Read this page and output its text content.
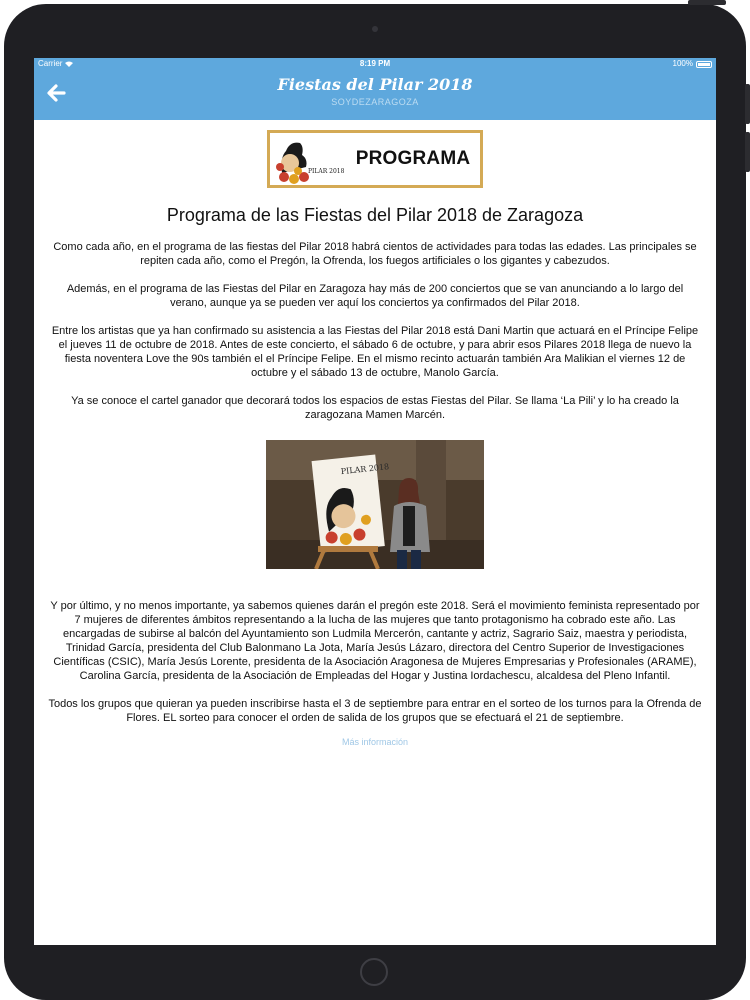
Carrier	8:19 PM	100%
Fiestas del Pilar 2018
SOYDEZARAGOZA
PILAR 2018
PROGRAMA
Programa de las Fiestas del Pilar 2018 de Zaragoza

Como cada año, en el programa de las fiestas del Pilar 2018 habrá cientos de actividades para todas las edades. Las principales se repiten cada año, como el Pregón, la Ofrenda, los fuegos artificiales o los gigantes y cabezudos.

Además, en el programa de las Fiestas del Pilar en Zaragoza hay más de 200 conciertos que se van anunciando a lo largo del verano, aunque ya se pueden ver aquí los conciertos ya confirmados del Pilar 2018.

Entre los artistas que ya han confirmado su asistencia a las Fiestas del Pilar 2018 está Dani Martin que actuará en el Príncipe Felipe el jueves 11 de octubre de 2018. Antes de este concierto, el sábado 6 de octubre, y para abrir esos Pilares 2018 llega de nuevo la fiesta noventera Love the 90s también el el Príncipe Felipe. En el mismo recinto actuarán también Ara Malikian el viernes 12 de octubre y el sábado 13 de octubre, Manolo García.

Ya se conoce el cartel ganador que decorará todos los espacios de estas Fiestas del Pilar. Se llama ‘La Pili’ y lo ha creado la zaragozana Mamen Marcén.

PILAR 2018

Y por último, y no menos importante, ya sabemos quienes darán el pregón este 2018. Será el movimiento feminista representado por 7 mujeres de diferentes ámbitos representando a la lucha de las mujeres que tanto protagonismo ha cobrado este año. Las encargadas de subirse al balcón del Ayuntamiento son Ludmila Mercerón, cantante y actriz, Sagrario Saiz, maestra y periodista, Trinidad García, presidenta del Club Balonmano La Jota, María Jesús Lázaro, directora del Centro Superior de Investigaciones Científicas (CSIC), María Jesús Lorente, presidenta de la Asociación Aragonesa de Mujeres Empresarias y Profesionales (ARAME), Carolina García, presidenta de la Asociación de Empleadas del Hogar y Justina Iordachescu, alcaldesa del Pleno Infantil.

Todos los grupos que quieran ya pueden inscribirse hasta el 3 de septiembre para entrar en el sorteo de los turnos para la Ofrenda de Flores. EL sorteo para conocer el orden de salida de los grupos que se efectuará el 21 de septiembre.

Más información
